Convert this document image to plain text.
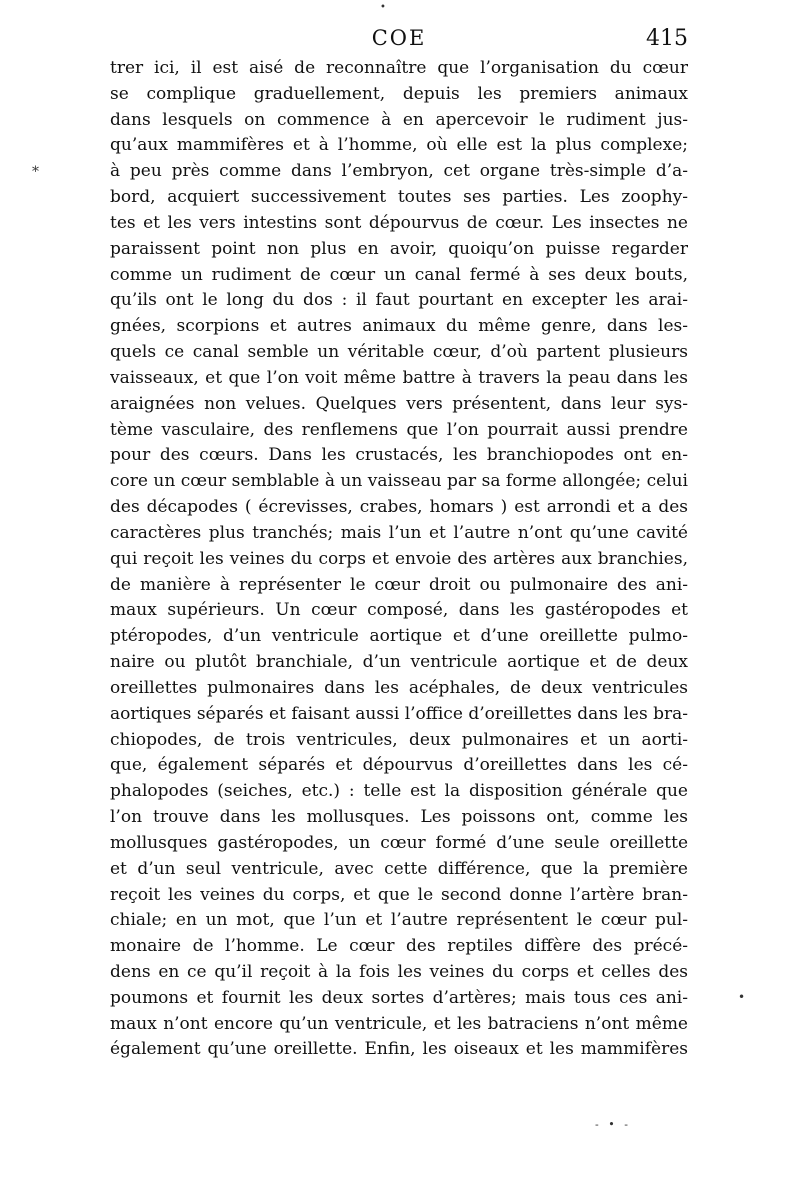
•
COE	415
*
trer ici, il est aisé de reconnaître que l’organisation du cœur
se complique graduellement, depuis les premiers animaux
dans lesquels on commence à en apercevoir le rudiment jus-
qu’aux mammifères et à l’homme, où elle est la plus complexe;
à peu près comme dans l’embryon, cet organe très-simple d’a-
bord, acquiert successivement toutes ses parties. Les zoophy-
tes et les vers intestins sont dépourvus de cœur. Les insectes ne
paraissent point non plus en avoir, quoiqu’on puisse regarder
comme un rudiment de cœur un canal fermé à ses deux bouts,
qu’ils ont le long du dos : il faut pourtant en excepter les arai-
gnées, scorpions et autres animaux du même genre, dans les-
quels ce canal semble un véritable cœur, d’où partent plusieurs
vaisseaux, et que l’on voit même battre à travers la peau dans les
araignées non velues. Quelques vers présentent, dans leur sys-
tème vasculaire, des renflemens que l’on pourrait aussi prendre
pour des cœurs. Dans les crustacés, les branchiopodes ont en-
core un cœur semblable à un vaisseau par sa forme allongée; celui
des décapodes ( écrevisses, crabes, homars ) est arrondi et a des
caractères plus tranchés; mais l’un et l’autre n’ont qu’une cavité
qui reçoit les veines du corps et envoie des artères aux branchies,
de manière à représenter le cœur droit ou pulmonaire des ani-
maux supérieurs. Un cœur composé, dans les gastéropodes et
ptéropodes, d’un ventricule aortique et d’une oreillette pulmo-
naire ou plutôt branchiale, d’un ventricule aortique et de deux
oreillettes pulmonaires dans les acéphales, de deux ventricules
aortiques séparés et faisant aussi l’office d’oreillettes dans les bra-
chiopodes, de trois ventricules, deux pulmonaires et un aorti-
que, également séparés et dépourvus d’oreillettes dans les cé-
phalopodes (seiches, etc.) : telle est la disposition générale que
l’on trouve dans les mollusques. Les poissons ont, comme les
mollusques gastéropodes, un cœur formé d’une seule oreillette
et d’un seul ventricule, avec cette différence, que la première
reçoit les veines du corps, et que le second donne l’artère bran-
chiale; en un mot, que l’un et l’autre représentent le cœur pul-
monaire de l’homme. Le cœur des reptiles diffère des précé-
dens en ce qu’il reçoit à la fois les veines du corps et celles des
poumons et fournit les deux sortes d’artères; mais tous ces ani-
maux n’ont encore qu’un ventricule, et les batraciens n’ont même
également qu’une oreillette. Enfin, les oiseaux et les mammifères
•
- • -
